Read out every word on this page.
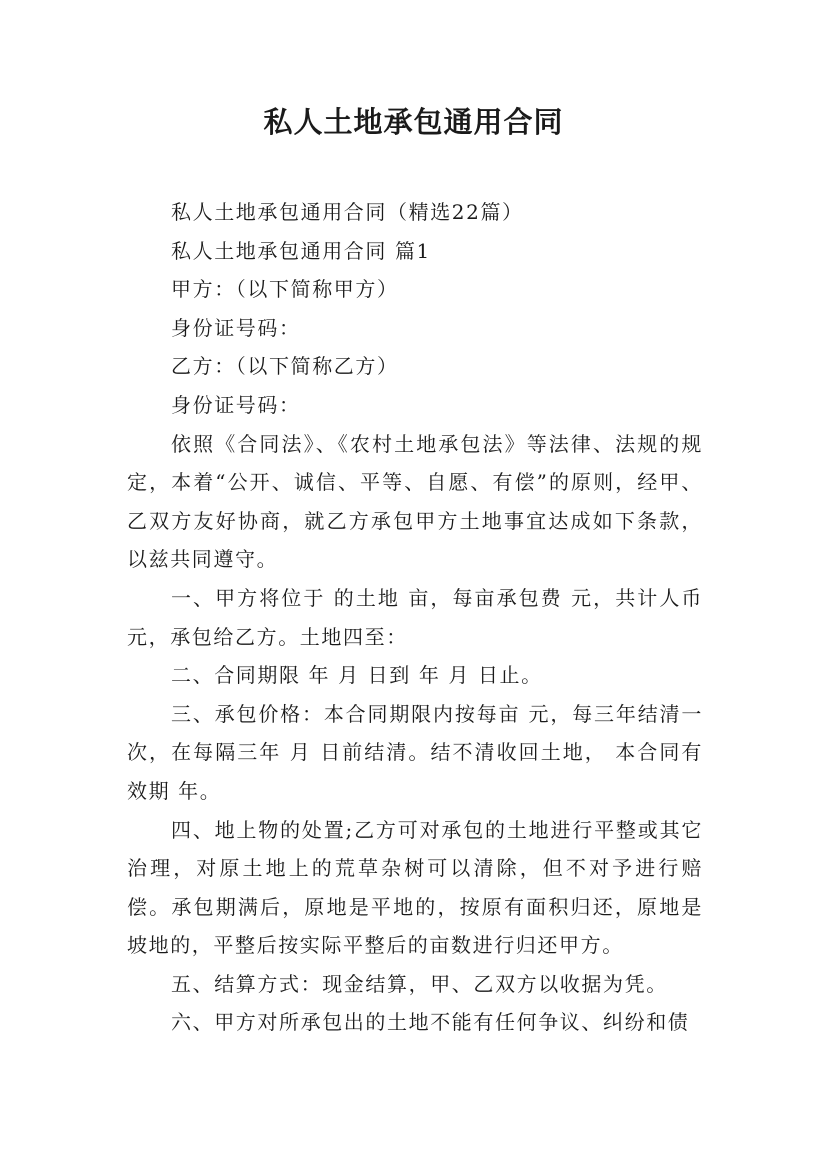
私人土地承包通用合同

私人土地承包通用合同（精选22篇）

私人土地承包通用合同 篇1

甲方：（以下简称甲方）

身份证号码：

乙方：（以下简称乙方）

身份证号码：

依照《合同法》、《农村土地承包法》等法律、法规的规定，本着“公开、诚信、平等、自愿、有偿”的原则，经甲、乙双方友好协商，就乙方承包甲方土地事宜达成如下条款，以兹共同遵守。

一、甲方将位于 的土地 亩，每亩承包费 元，共计人币 元，承包给乙方。土地四至：

二、合同期限 年 月 日到 年 月 日止。

三、承包价格：本合同期限内按每亩 元，每三年结清一次，在每隔三年 月 日前结清。结不清收回土地， 本合同有效期 年。

四、地上物的处置;乙方可对承包的土地进行平整或其它治理，对原土地上的荒草杂树可以清除，但不对予进行赔偿。承包期满后，原地是平地的，按原有面积归还，原地是坡地的，平整后按实际平整后的亩数进行归还甲方。

五、结算方式：现金结算，甲、乙双方以收据为凭。

六、甲方对所承包出的土地不能有任何争议、纠纷和债
